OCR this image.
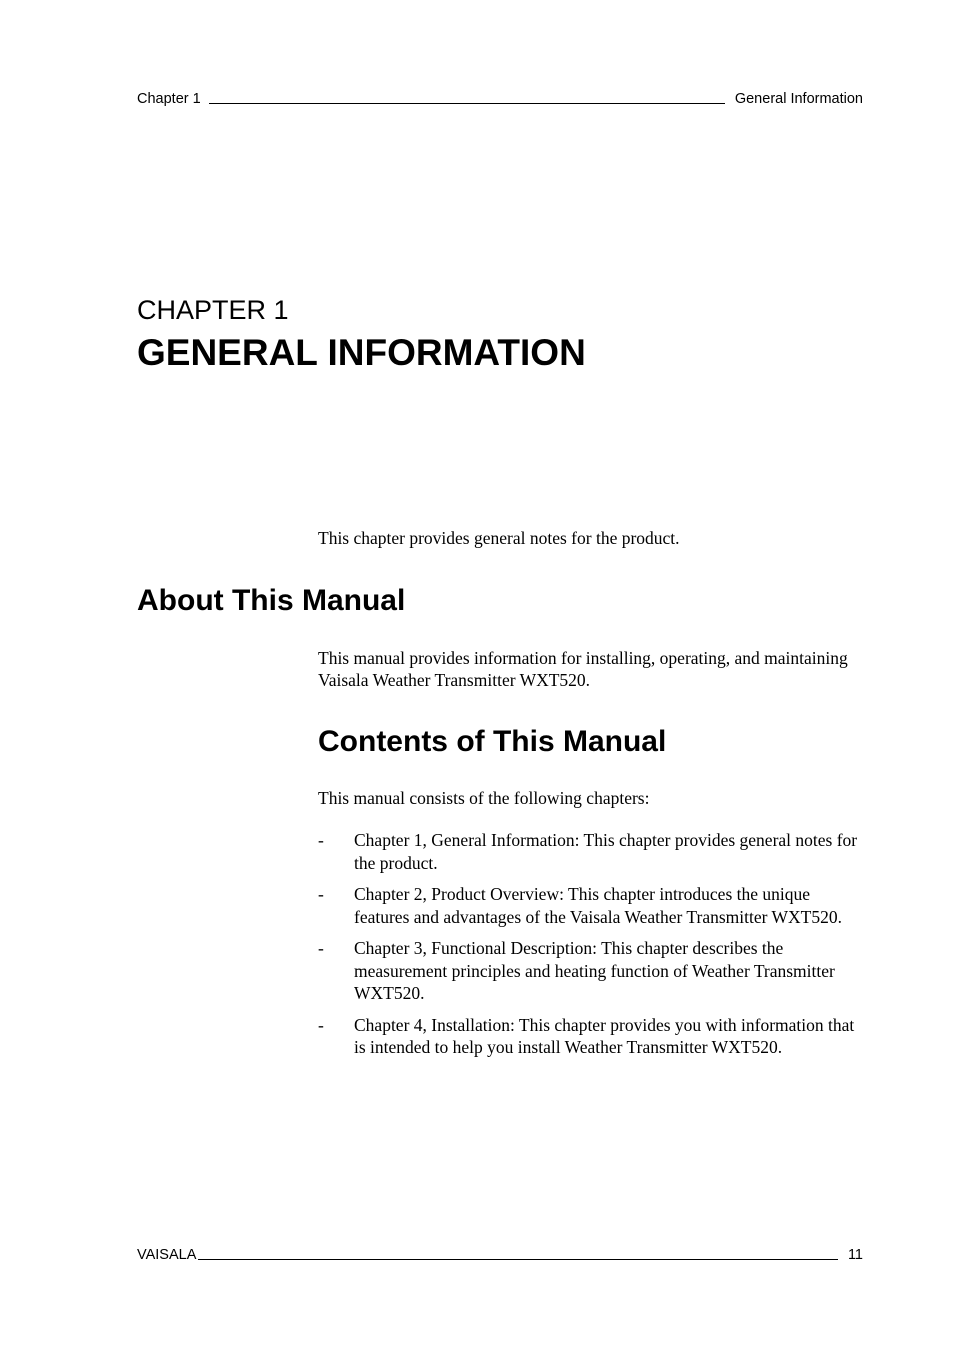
Chapter 1	General Information
CHAPTER 1
GENERAL INFORMATION

This chapter provides general notes for the product.

About This Manual

This manual provides information for installing, operating, and maintaining Vaisala Weather Transmitter WXT520.

Contents of This Manual

This manual consists of the following chapters:

-	Chapter 1, General Information: This chapter provides general notes for the product.
-	Chapter 2, Product Overview: This chapter introduces the unique features and advantages of the Vaisala Weather Transmitter WXT520.
-	Chapter 3, Functional Description: This chapter describes the measurement principles and heating function of Weather Transmitter WXT520.
-	Chapter 4, Installation: This chapter provides you with information that is intended to help you install Weather Transmitter WXT520.
VAISALA	11
